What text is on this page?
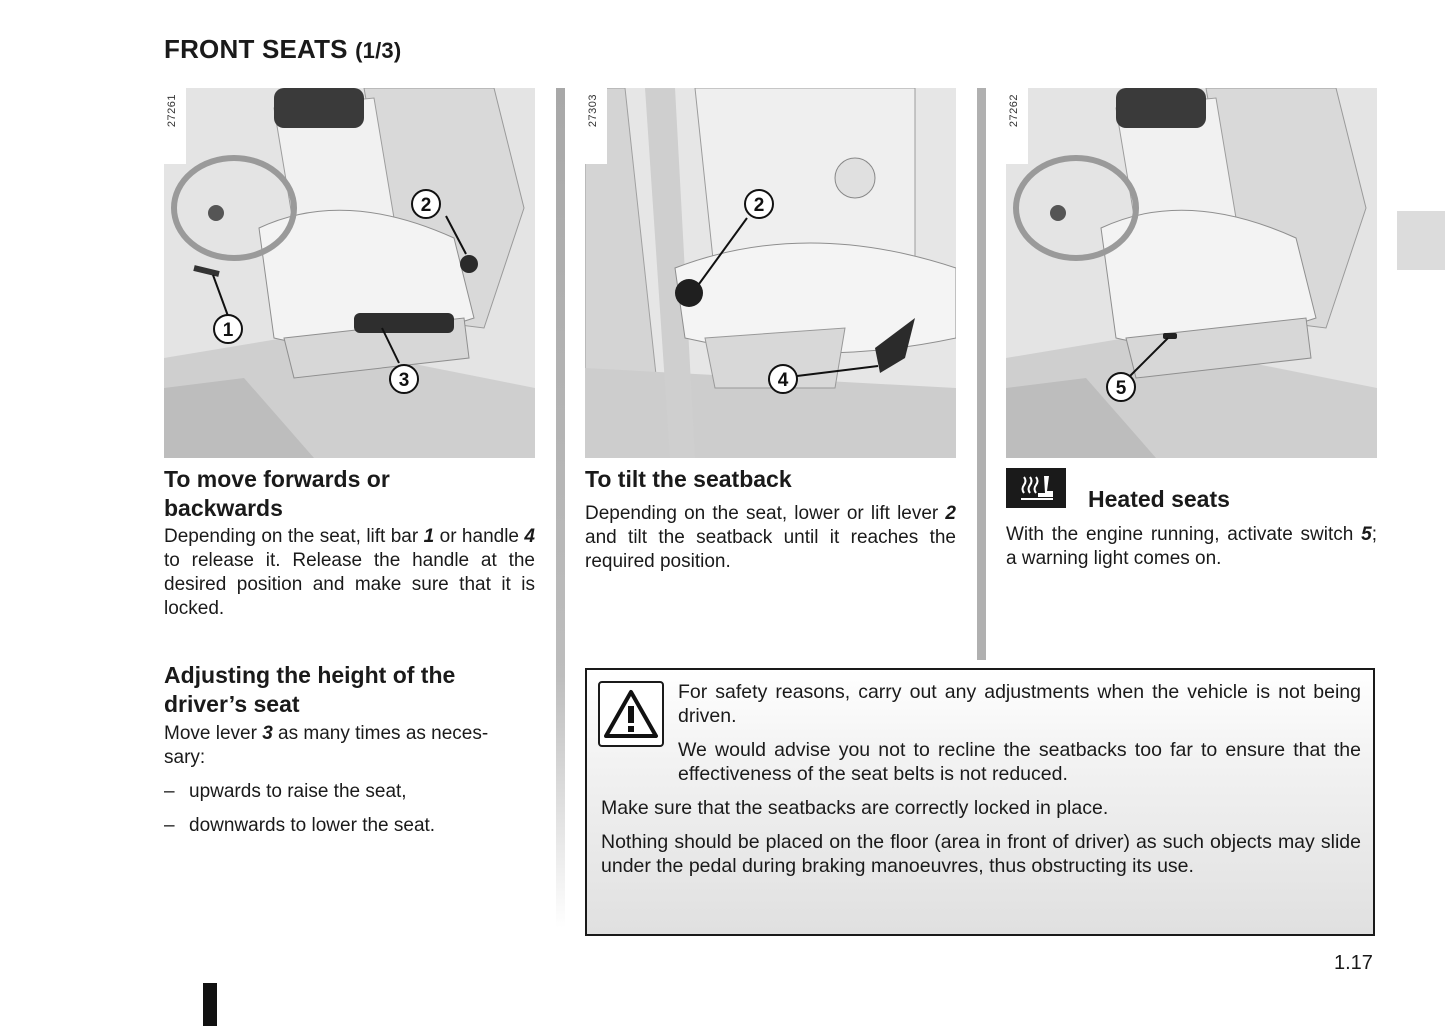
FRONT SEATS (1/3)
1
2
3
27261
2
4
27303
5
27262
To move forwards or
backwards

Depending on the seat, lift bar 1 or handle 4 to release it. Release the handle at the desired position and make sure that it is locked.

Adjusting the height of the
driver’s seat

Move lever 3 as many times as neces-sary:

– upwards to raise the seat,

– downwards to lower the seat.

To tilt the seatback

Depending on the seat, lower or lift lever 2 and tilt the seatback until it reaches the required position.

Heated seats

With the engine running, activate switch 5; a warning light comes on.

For safety reasons, carry out any adjustments when the vehicle is not being driven.

We would advise you not to recline the seatbacks too far to ensure that the effectiveness of the seat belts is not reduced.

Make sure that the seatbacks are correctly locked in place.

Nothing should be placed on the floor (area in front of driver) as such objects may slide under the pedal during braking manoeuvres, thus obstructing its use.

1.17
